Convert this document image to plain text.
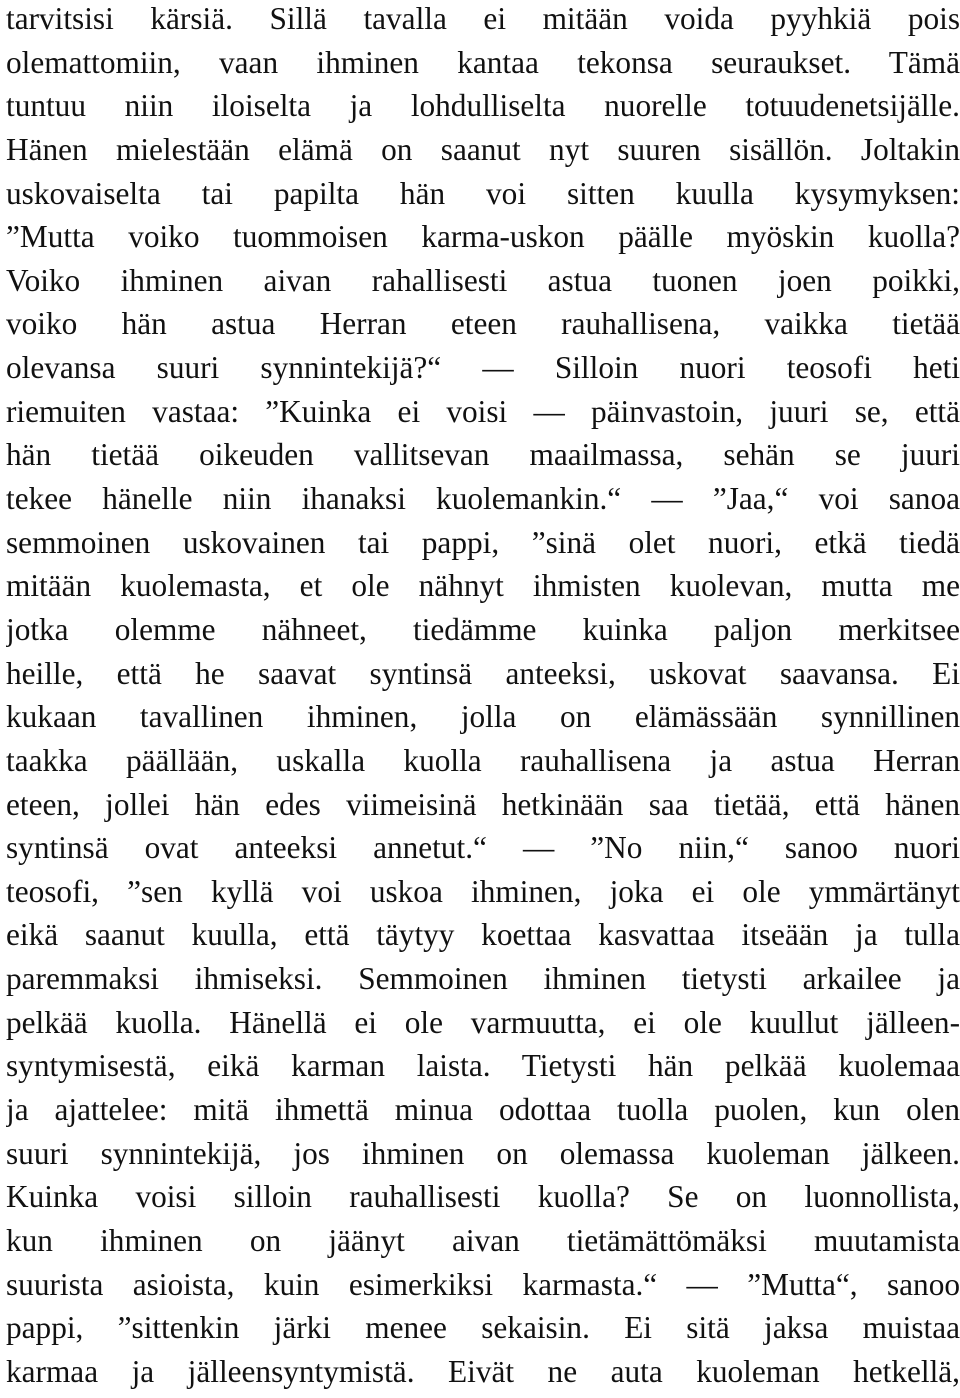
tarvitsisi kärsiä. Sillä tavalla ei mitään voida pyyhkiä pois
olemattomiin, vaan ihminen kantaa tekonsa seuraukset. Tämä
tuntuu niin iloiselta ja lohdulliselta nuorelle totuudenetsijälle.
Hänen mielestään elämä on saanut nyt suuren sisällön. Joltakin
uskovaiselta tai papilta hän voi sitten kuulla kysymyksen:
”Mutta voiko tuommoisen karma-uskon päälle myöskin kuolla?
Voiko ihminen aivan rahallisesti astua tuonen joen poikki,
voiko hän astua Herran eteen rauhallisena, vaikka tietää
olevansa suuri synnintekijä?“ — Silloin nuori teosofi heti
riemuiten vastaa: ”Kuinka ei voisi — päinvastoin, juuri se, että
hän tietää oikeuden vallitsevan maailmassa, sehän se juuri
tekee hänelle niin ihanaksi kuolemankin.“ — ”Jaa,“ voi sanoa
semmoinen uskovainen tai pappi, ”sinä olet nuori, etkä tiedä
mitään kuolemasta, et ole nähnyt ihmisten kuolevan, mutta me
jotka olemme nähneet, tiedämme kuinka paljon merkitsee
heille, että he saavat syntinsä anteeksi, uskovat saavansa. Ei
kukaan tavallinen ihminen, jolla on elämässään synnillinen
taakka päällään, uskalla kuolla rauhallisena ja astua Herran
eteen, jollei hän edes viimeisinä hetkinään saa tietää, että hänen
syntinsä ovat anteeksi annetut.“ — ”No niin,“ sanoo nuori
teosofi, ”sen kyllä voi uskoa ihminen, joka ei ole ymmärtänyt
eikä saanut kuulla, että täytyy koettaa kasvattaa itseään ja tulla
paremmaksi ihmiseksi. Semmoinen ihminen tietysti arkailee ja
pelkää kuolla. Hänellä ei ole varmuutta, ei ole kuullut jälleen-
syntymisestä, eikä karman laista. Tietysti hän pelkää kuolemaa
ja ajattelee: mitä ihmettä minua odottaa tuolla puolen, kun olen
suuri synnintekijä, jos ihminen on olemassa kuoleman jälkeen.
Kuinka voisi silloin rauhallisesti kuolla? Se on luonnollista,
kun ihminen on jäänyt aivan tietämättömäksi muutamista
suurista asioista, kuin esimerkiksi karmasta.“ — ”Mutta“, sanoo
pappi, ”sittenkin järki menee sekaisin. Ei sitä jaksa muistaa
karmaa ja jälleensyntymistä. Eivät ne auta kuoleman hetkellä,
